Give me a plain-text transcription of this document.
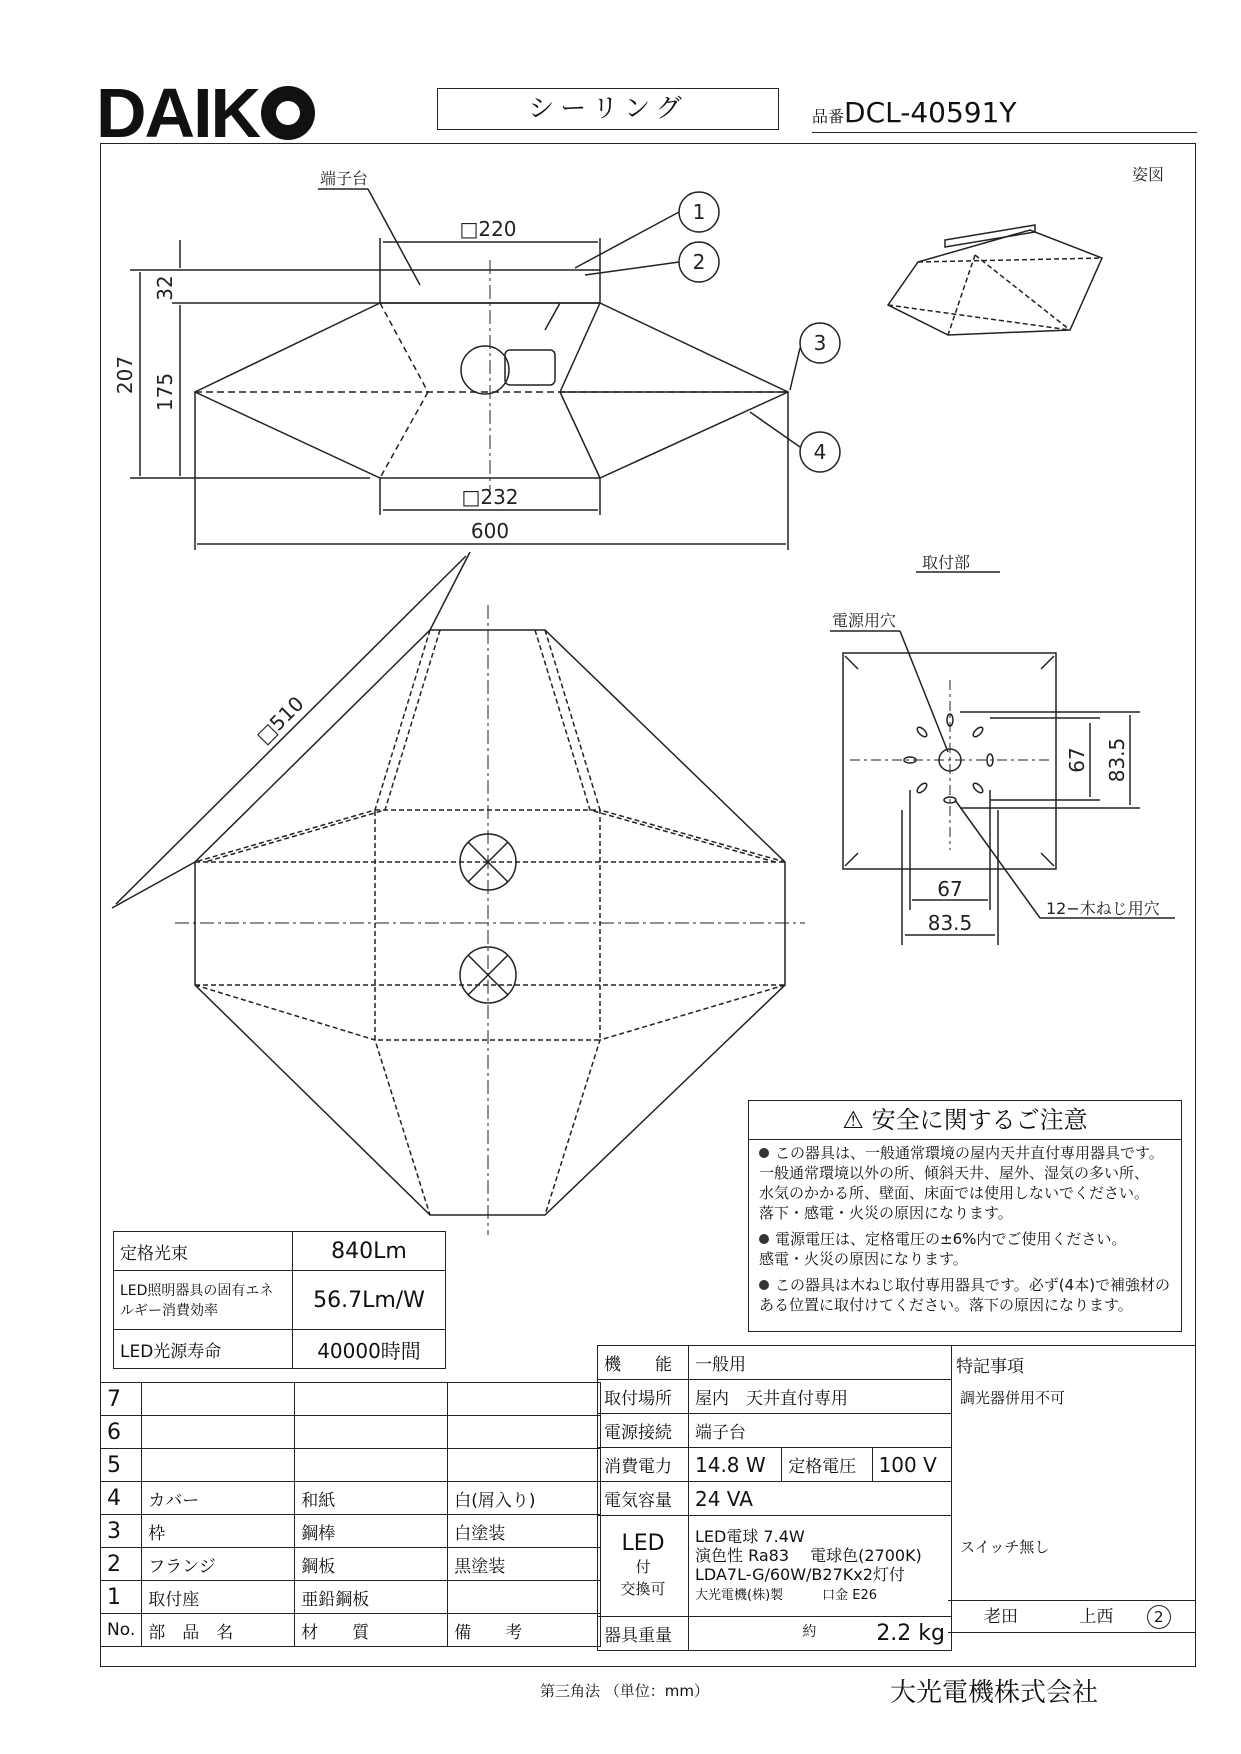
DAIK	シーリング	品番DCL-40591Y
1
2
3
4
□220
□232
600
207 175
32
□510
67 83.5
67
83.5
端子台	姿図
取付部
電源用穴
12−木ねじ用穴
⚠ 安全に関するご注意
この器具は、一般通常環境の屋内天井直付専用器具です。
一般通常環境以外の所、傾斜天井、屋外、湿気の多い所、
水気のかかる所、壁面、床面では使用しないでください。
落下・感電・火災の原因になります。
電源電圧は、定格電圧の±6%内でご使用ください。
感電・火災の原因になります。
この器具は木ねじ取付専用器具です。必ず(4本)で補強材の
ある位置に取付けてください。落下の原因になります。
定格光束	840Lm
LED照明器具の固有エネルギー消費効率	56.7Lm/W
LED光源寿命	40000時間
7			
6			
5			
4	カバー	和紙	白(屑入り)
3	枠	鋼棒	白塗装
2	フランジ	鋼板	黒塗装
1	取付座	亜鉛鋼板	
No.	部　品　名	材　　質	備　　考
機　　能	一般用		
取付場所	屋内　天井直付専用		
電源接続	端子台		
消費電力	14.8 W	定格電圧	100 V
電気容量	24 VA		
LED
付
交換可	LED電球 7.4W
演色性 Ra83　 電球色(2700K)
LDA7L-G/60W/B27Kx2灯付
大光電機(株)製　　　口金 E26		

器具重量	$^約$ 2.2 kg		
特記事項
調光器併用不可
スイッチ無し
老田	上西	2
第三角法 （単位：mm）	大光電機株式会社
